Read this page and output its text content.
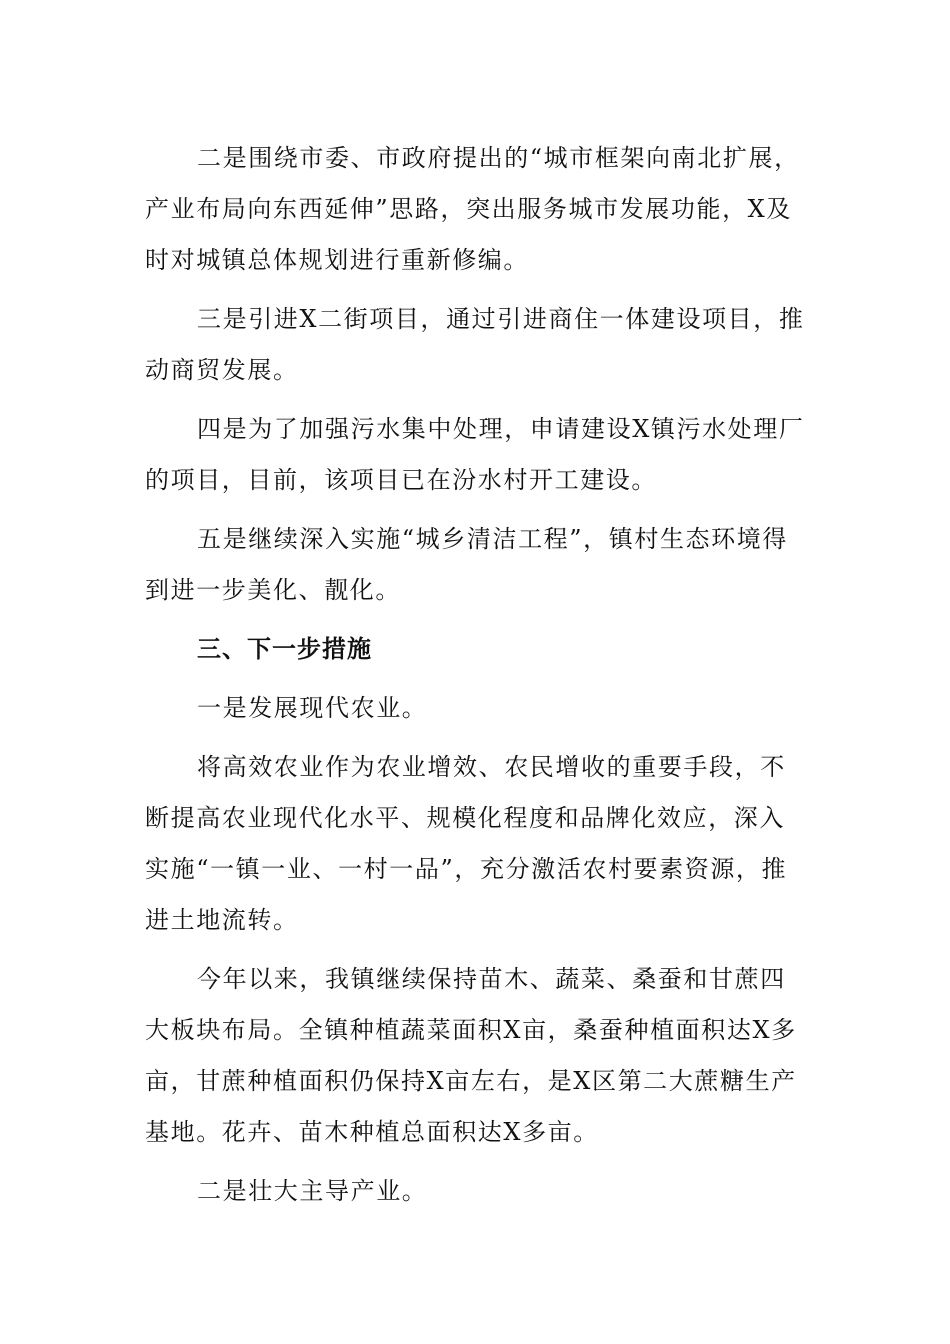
二是围绕市委、市政府提出的“城市框架向南北扩展，产业布局向东西延伸”思路，突出服务城市发展功能，X及时对城镇总体规划进行重新修编。

三是引进X二街项目，通过引进商住一体建设项目，推动商贸发展。

四是为了加强污水集中处理，申请建设X镇污水处理厂的项目，目前，该项目已在汾水村开工建设。

五是继续深入实施“城乡清洁工程”，镇村生态环境得到进一步美化、靓化。

三、下一步措施

一是发展现代农业。

将高效农业作为农业增效、农民增收的重要手段，不断提高农业现代化水平、规模化程度和品牌化效应，深入实施“一镇一业、一村一品”，充分激活农村要素资源，推进土地流转。

今年以来，我镇继续保持苗木、蔬菜、桑蚕和甘蔗四大板块布局。全镇种植蔬菜面积X亩，桑蚕种植面积达X多亩，甘蔗种植面积仍保持X亩左右，是X区第二大蔗糖生产基地。花卉、苗木种植总面积达X多亩。

二是壮大主导产业。
